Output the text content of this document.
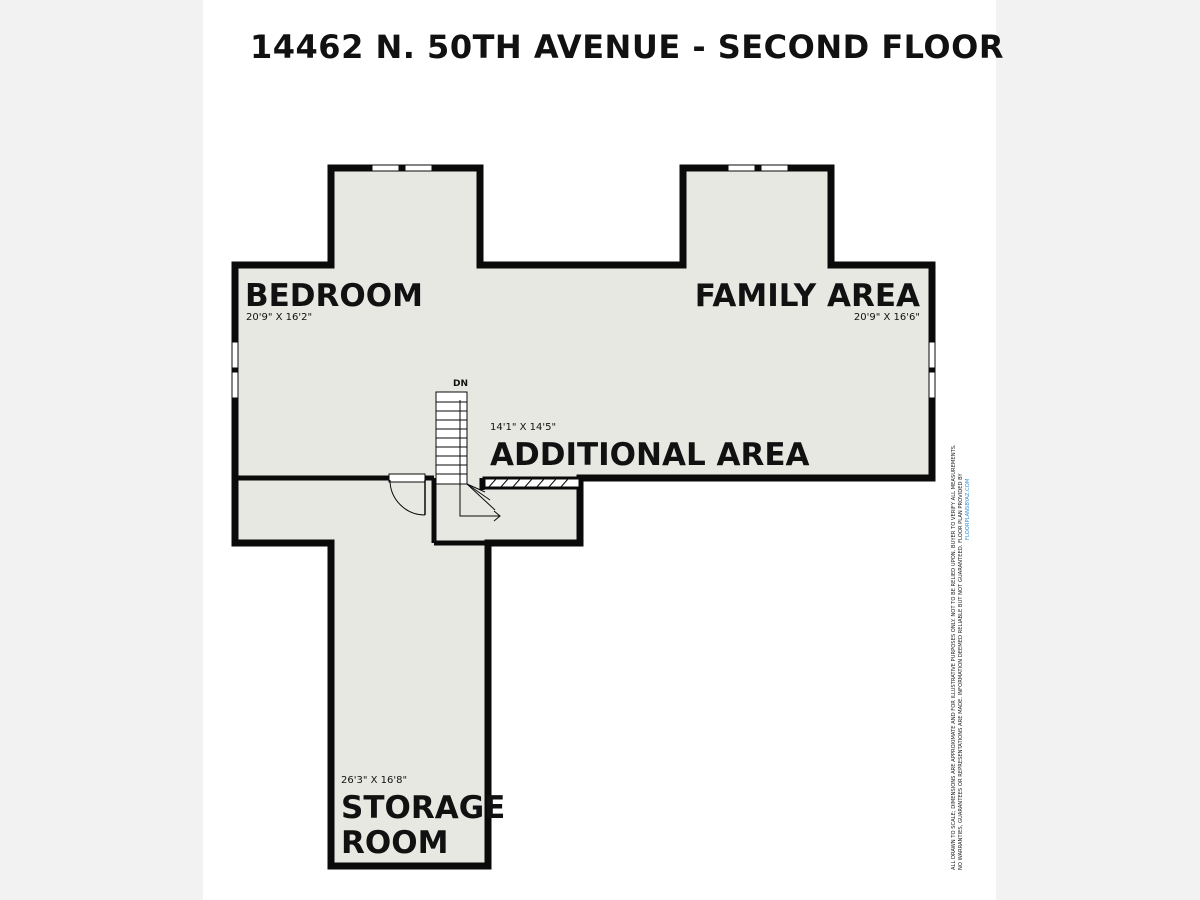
14462 N. 50TH AVENUE - SECOND FLOOR
DN
BEDROOM
20'9" X 16'2"
FAMILY AREA
20'9" X 16'6"
14'1" X 14'5"
ADDITIONAL AREA
26'3" X 16'8"
STORAGE
ROOM	ALL DRAWN TO SCALE; DIMENSIONS ARE APPROXIMATE AND FOR ILLUSTRATIVE PURPOSES ONLY. NOT TO BE RELIED UPON. BUYER TO VERIFY ALL MEASUREMENTS. NO WARRANTIES, GUARANTEES OR REPRESENTATIONS ARE MADE. INFORMATION DEEMED RELIABLE BUT NOT GUARANTEED. FLOOR PLAN PROVIDED BY FLOORPLANSBYAZ.COM
